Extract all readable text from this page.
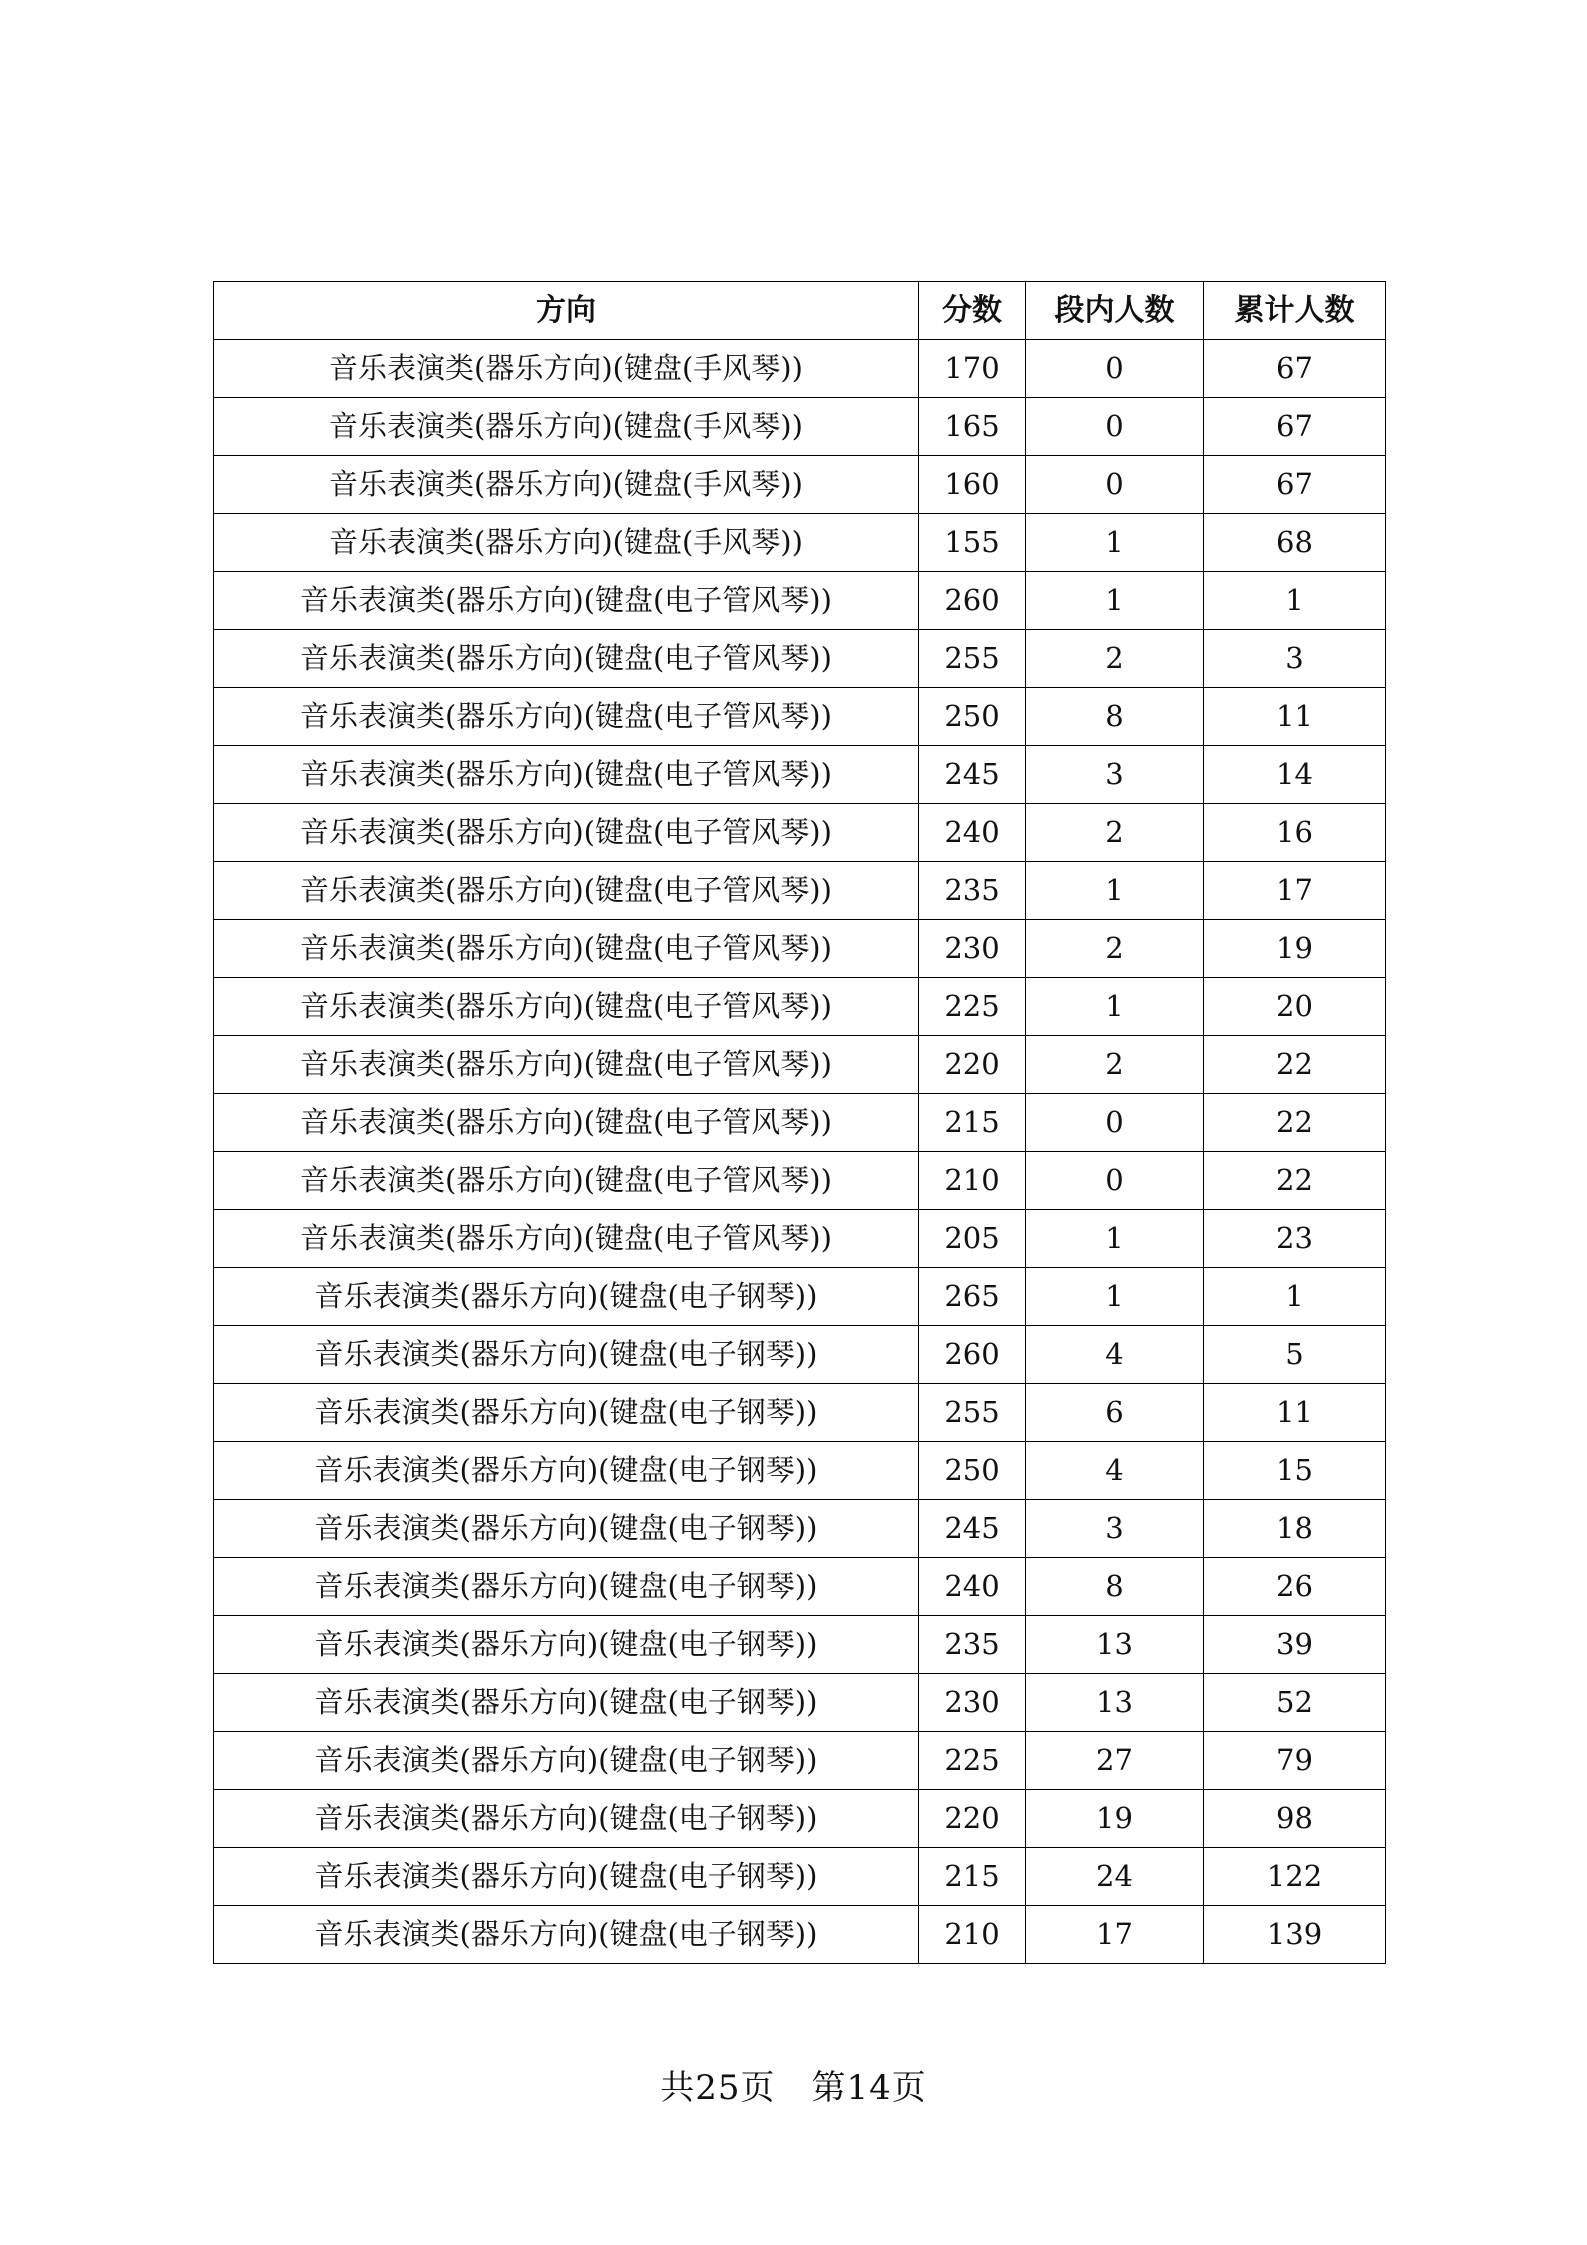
方向	分数	段内人数	累计人数
音乐表演类(器乐方向)(键盘(手风琴))	170	0	67
音乐表演类(器乐方向)(键盘(手风琴))	165	0	67
音乐表演类(器乐方向)(键盘(手风琴))	160	0	67
音乐表演类(器乐方向)(键盘(手风琴))	155	1	68
音乐表演类(器乐方向)(键盘(电子管风琴))	260	1	1
音乐表演类(器乐方向)(键盘(电子管风琴))	255	2	3
音乐表演类(器乐方向)(键盘(电子管风琴))	250	8	11
音乐表演类(器乐方向)(键盘(电子管风琴))	245	3	14
音乐表演类(器乐方向)(键盘(电子管风琴))	240	2	16
音乐表演类(器乐方向)(键盘(电子管风琴))	235	1	17
音乐表演类(器乐方向)(键盘(电子管风琴))	230	2	19
音乐表演类(器乐方向)(键盘(电子管风琴))	225	1	20
音乐表演类(器乐方向)(键盘(电子管风琴))	220	2	22
音乐表演类(器乐方向)(键盘(电子管风琴))	215	0	22
音乐表演类(器乐方向)(键盘(电子管风琴))	210	0	22
音乐表演类(器乐方向)(键盘(电子管风琴))	205	1	23
音乐表演类(器乐方向)(键盘(电子钢琴))	265	1	1
音乐表演类(器乐方向)(键盘(电子钢琴))	260	4	5
音乐表演类(器乐方向)(键盘(电子钢琴))	255	6	11
音乐表演类(器乐方向)(键盘(电子钢琴))	250	4	15
音乐表演类(器乐方向)(键盘(电子钢琴))	245	3	18
音乐表演类(器乐方向)(键盘(电子钢琴))	240	8	26
音乐表演类(器乐方向)(键盘(电子钢琴))	235	13	39
音乐表演类(器乐方向)(键盘(电子钢琴))	230	13	52
音乐表演类(器乐方向)(键盘(电子钢琴))	225	27	79
音乐表演类(器乐方向)(键盘(电子钢琴))	220	19	98
音乐表演类(器乐方向)(键盘(电子钢琴))	215	24	122
音乐表演类(器乐方向)(键盘(电子钢琴))	210	17	139
共25页 第14页
